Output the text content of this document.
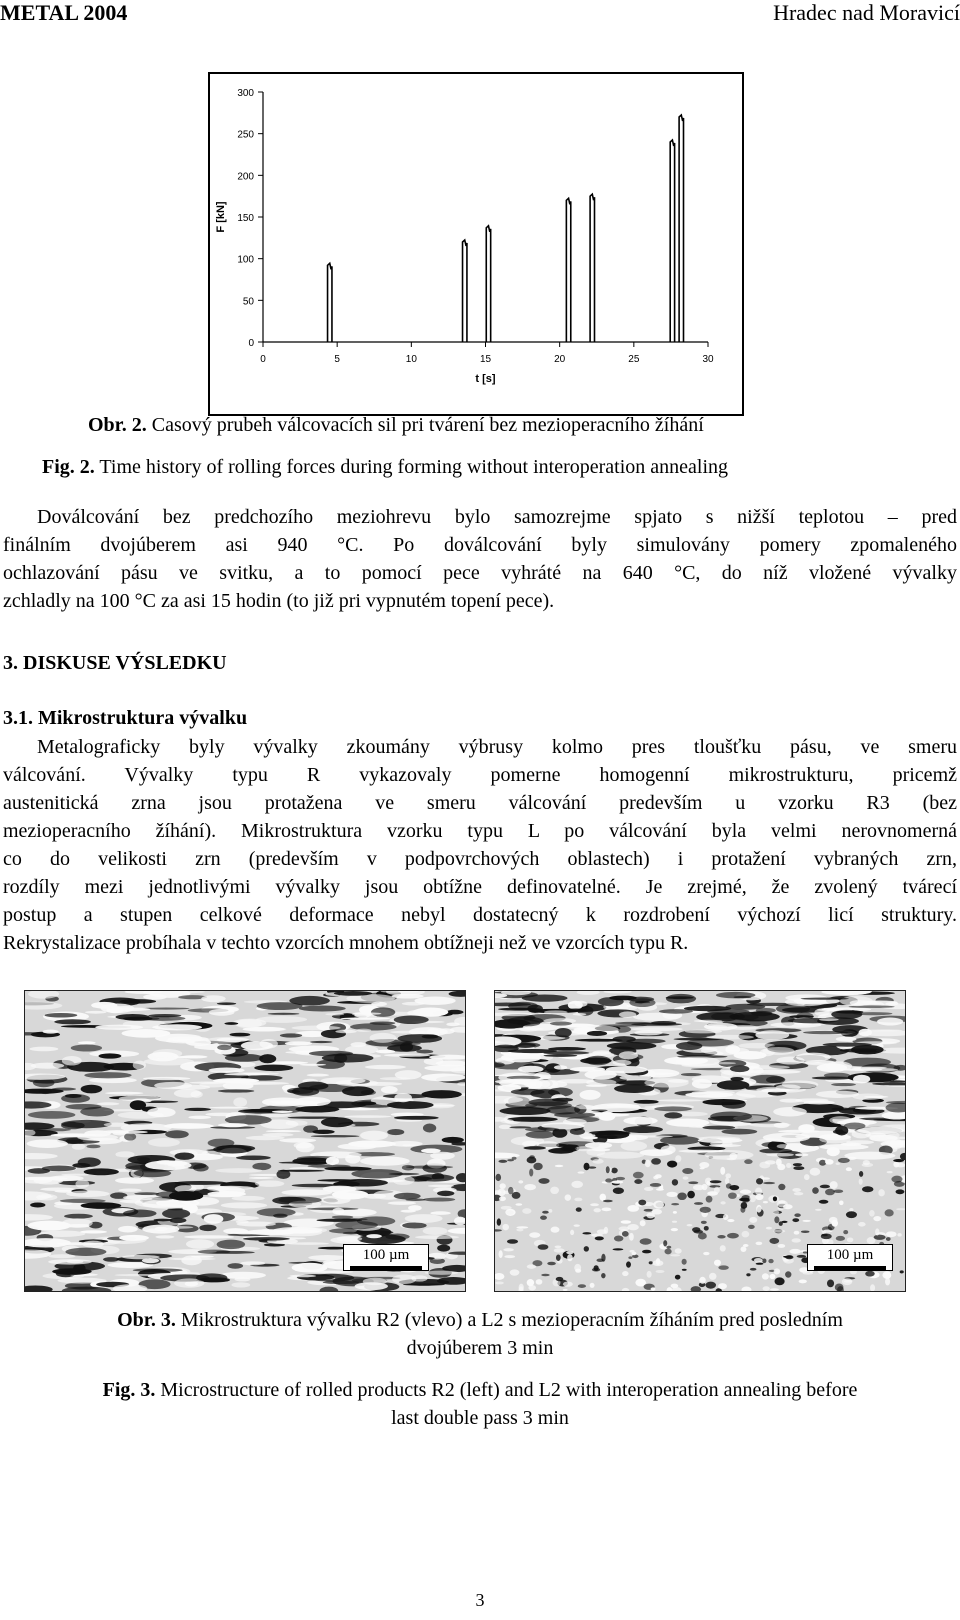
METAL 2004	Hradec nad Moravicí
0	5	10	15	20	25	30
0
50
100
150
200
250
300
t [s]
F [kN]
Obr. 2. Casový prubeh válcovacích sil pri tvárení bez mezioperacního žíhání
Fig. 2. Time history of rolling forces during forming without interoperation annealing
Doválcování bez predchozího meziohrevu bylo samozrejme spjato s nižší teplotou – pred
finálním dvojúberem asi 940 °C. Po doválcování byly simulovány pomery zpomaleného
ochlazování pásu ve svitku, a to pomocí pece vyhráté na 640 °C, do níž vložené vývalky
zchladly na 100 °C za asi 15 hodin (to již pri vypnutém topení pece).
3. DISKUSE VÝSLEDKU
3.1. Mikrostruktura vývalku
Metalograficky byly vývalky zkoumány výbrusy kolmo pres tloušťku pásu, ve smeru
válcování. Vývalky typu R vykazovaly pomerne homogenní mikrostrukturu, pricemž
austenitická zrna jsou protažena ve smeru válcování predevším u vzorku R3 (bez
mezioperacního žíhání). Mikrostruktura vzorku typu L po válcování byla velmi nerovnomerná
co do velikosti zrn (predevším v podpovrchových oblastech) i protažení vybraných zrn,
rozdíly mezi jednotlivými vývalky jsou obtížne definovatelné. Je zrejmé, že zvolený tvárecí
postup a stupen celkové deformace nebyl dostatecný k rozdrobení výchozí licí struktury.
Rekrystalizace probíhala v techto vzorcích mnohem obtížneji než ve vzorcích typu R.
100 µm	100 µm
Obr. 3. Mikrostruktura vývalku R2 (vlevo) a L2 s mezioperacním žíháním pred posledním
dvojúberem 3 min
Fig. 3. Microstructure of rolled products R2 (left) and L2 with interoperation annealing before
last double pass 3 min
3
